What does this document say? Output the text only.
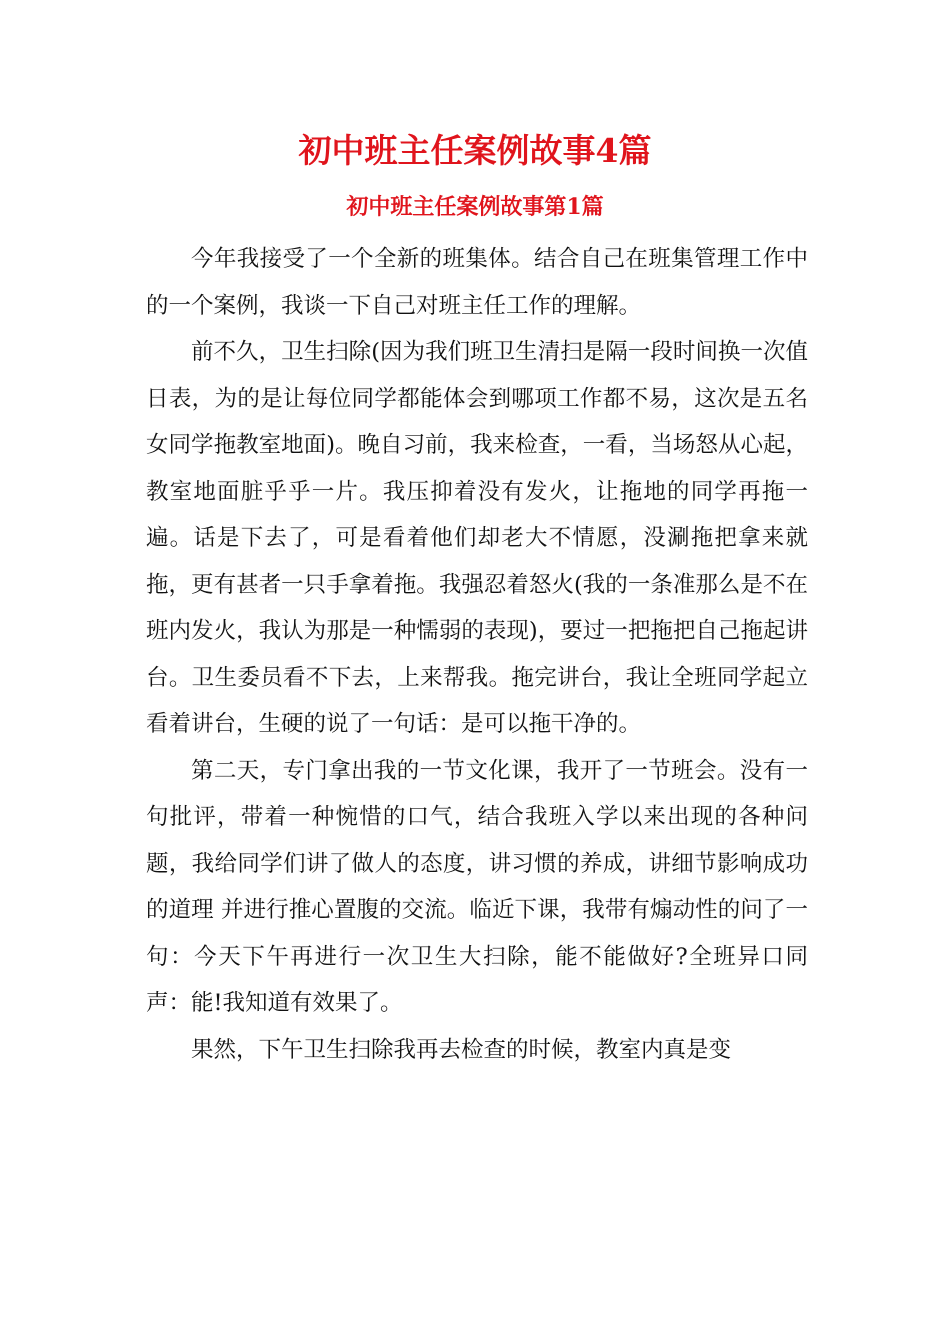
初中班主任案例故事4篇
初中班主任案例故事第1篇

今年我接受了一个全新的班集体。结合自己在班集管理工作中的一个案例，我谈一下自己对班主任工作的理解。

前不久，卫生扫除(因为我们班卫生清扫是隔一段时间换一次值日表，为的是让每位同学都能体会到哪项工作都不易，这次是五名女同学拖教室地面)。晚自习前，我来检查，一看，当场怒从心起，教室地面脏乎乎一片。我压抑着没有发火，让拖地的同学再拖一遍。话是下去了，可是看着他们却老大不情愿，没涮拖把拿来就拖，更有甚者一只手拿着拖。我强忍着怒火(我的一条准那么是不在班内发火，我认为那是一种懦弱的表现)，要过一把拖把自己拖起讲台。卫生委员看不下去，上来帮我。拖完讲台，我让全班同学起立看着讲台，生硬的说了一句话：是可以拖干净的。

第二天，专门拿出我的一节文化课，我开了一节班会。没有一句批评，带着一种惋惜的口气，结合我班入学以来出现的各种问题，我给同学们讲了做人的态度，讲习惯的养成，讲细节影响成功的道理 并进行推心置腹的交流。临近下课，我带有煽动性的问了一句：今天下午再进行一次卫生大扫除，能不能做好?全班异口同声：能!我知道有效果了。

果然，下午卫生扫除我再去检查的时候，教室内真是变
